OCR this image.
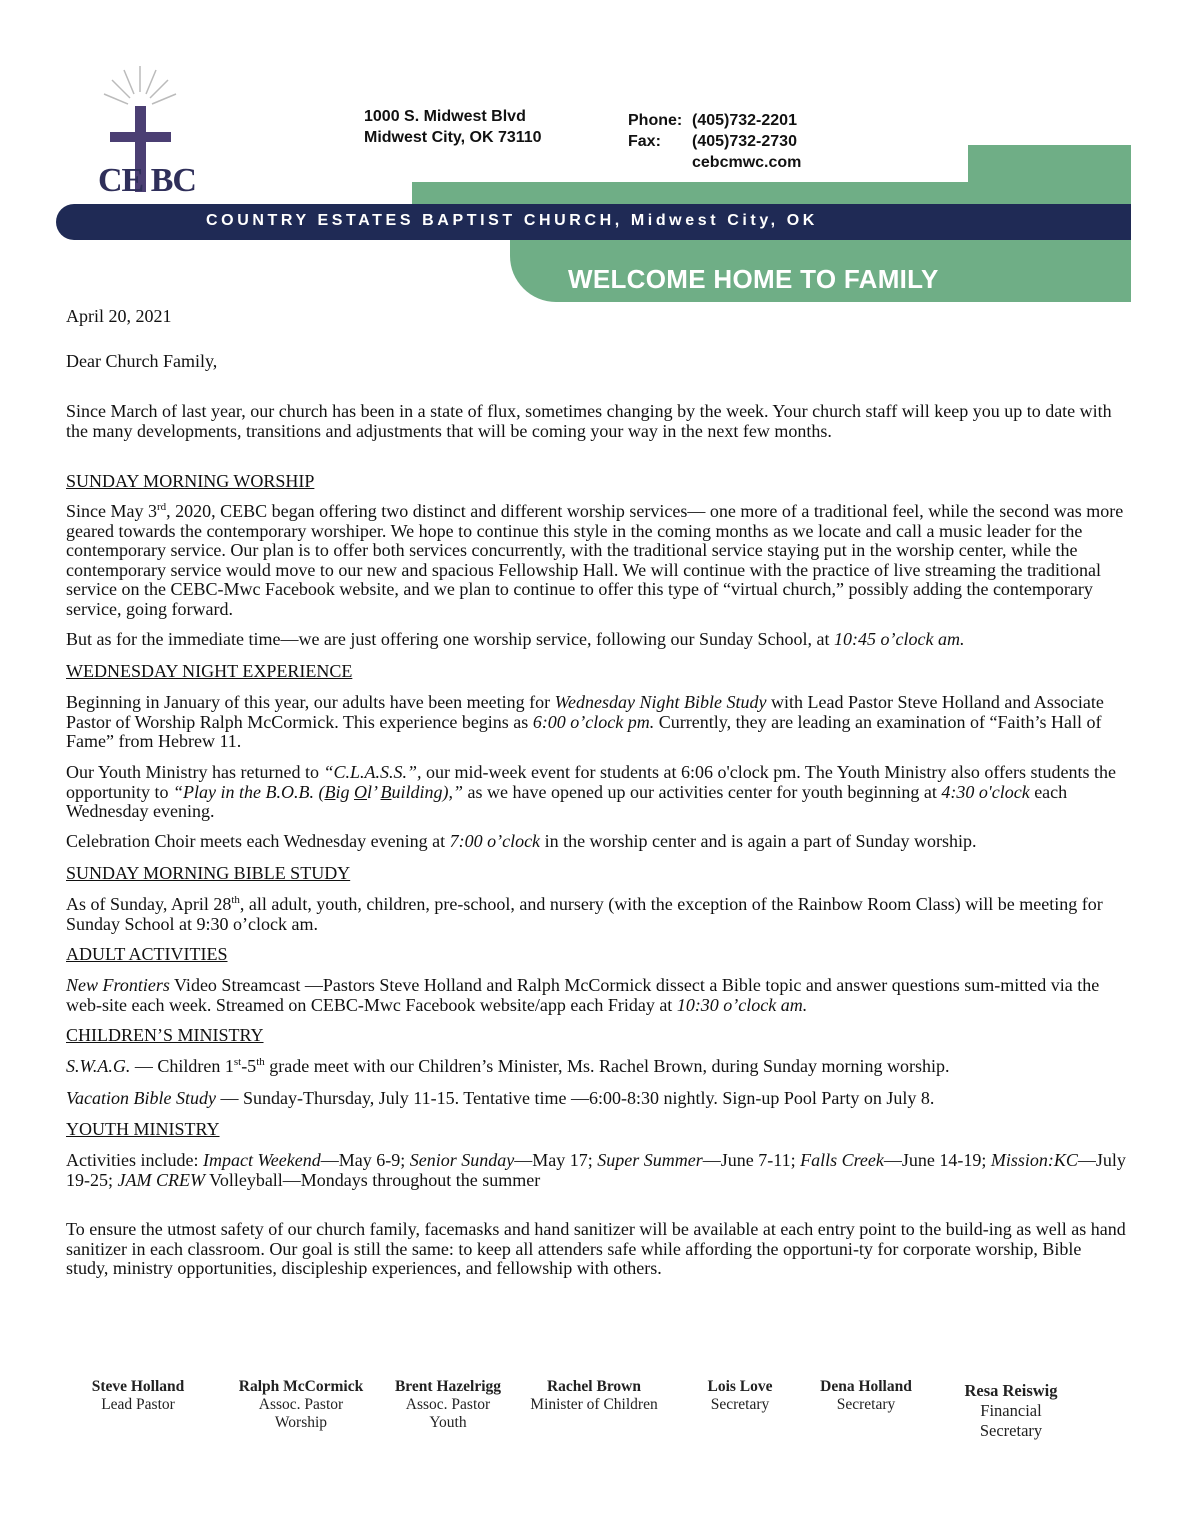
CE BC
1000 S. Midwest Blvd
Midwest City, OK 73110
Phone: (405)732-2201
Fax: (405)732-2730
cebcmwc.com
COUNTRY ESTATES BAPTIST CHURCH, Midwest City, OK
WELCOME HOME TO FAMILY

April 20, 2021

Dear Church Family,

Since March of last year, our church has been in a state of flux, sometimes changing by the week. Your church staff will keep you up to date with the many developments, transitions and adjustments that will be coming your way in the next few months.

SUNDAY MORNING WORSHIP

Since May 3rd, 2020, CEBC began offering two distinct and different worship services— one more of a traditional feel, while the second was more geared towards the contemporary worshiper. We hope to continue this style in the coming months as we locate and call a music leader for the contemporary service. Our plan is to offer both services concurrently, with the traditional service staying put in the worship center, while the contemporary service would move to our new and spacious Fellowship Hall. We will continue with the practice of live streaming the traditional service on the CEBC-Mwc Facebook website, and we plan to continue to offer this type of “virtual church,” possibly adding the contemporary service, going forward.

But as for the immediate time—we are just offering one worship service, following our Sunday School, at 10:45 o’clock am.

WEDNESDAY NIGHT EXPERIENCE

Beginning in January of this year, our adults have been meeting for Wednesday Night Bible Study with Lead Pastor Steve Holland and Associate Pastor of Worship Ralph McCormick. This experience begins as 6:00 o’clock pm. Currently, they are leading an examination of “Faith’s Hall of Fame” from Hebrew 11.

Our Youth Ministry has returned to “C.L.A.S.S.”, our mid-week event for students at 6:06 o'clock pm. The Youth Ministry also offers students the opportunity to “Play in the B.O.B. (Big Ol’ Building),” as we have opened up our activities center for youth beginning at 4:30 o'clock each Wednesday evening.

Celebration Choir meets each Wednesday evening at 7:00 o’clock in the worship center and is again a part of Sunday worship.

SUNDAY MORNING BIBLE STUDY

As of Sunday, April 28th, all adult, youth, children, pre-school, and nursery (with the exception of the Rainbow Room Class) will be meeting for Sunday School at 9:30 o’clock am.

ADULT ACTIVITIES

New Frontiers Video Streamcast —Pastors Steve Holland and Ralph McCormick dissect a Bible topic and answer questions sum-mitted via the web-site each week. Streamed on CEBC-Mwc Facebook website/app each Friday at 10:30 o’clock am.

CHILDREN’S MINISTRY

S.W.A.G. — Children 1st-5th grade meet with our Children’s Minister, Ms. Rachel Brown, during Sunday morning worship.

Vacation Bible Study — Sunday-Thursday, July 11-15. Tentative time —6:00-8:30 nightly. Sign-up Pool Party on July 8.

YOUTH MINISTRY

Activities include: Impact Weekend—May 6-9; Senior Sunday—May 17; Super Summer—June 7-11; Falls Creek—June 14-19; Mission:KC—July 19-25; JAM CREW Volleyball—Mondays throughout the summer

To ensure the utmost safety of our church family, facemasks and hand sanitizer will be available at each entry point to the build-ing as well as hand sanitizer in each classroom. Our goal is still the same: to keep all attenders safe while affording the opportuni-ty for corporate worship, Bible study, ministry opportunities, discipleship experiences, and fellowship with others.

Steve Holland
Lead Pastor
Ralph McCormick
Assoc. Pastor
Worship
Brent Hazelrigg
Assoc. Pastor
Youth
Rachel Brown
Minister of Children
Lois Love
Secretary
Dena Holland
Secretary
Resa Reiswig
Financial
Secretary
